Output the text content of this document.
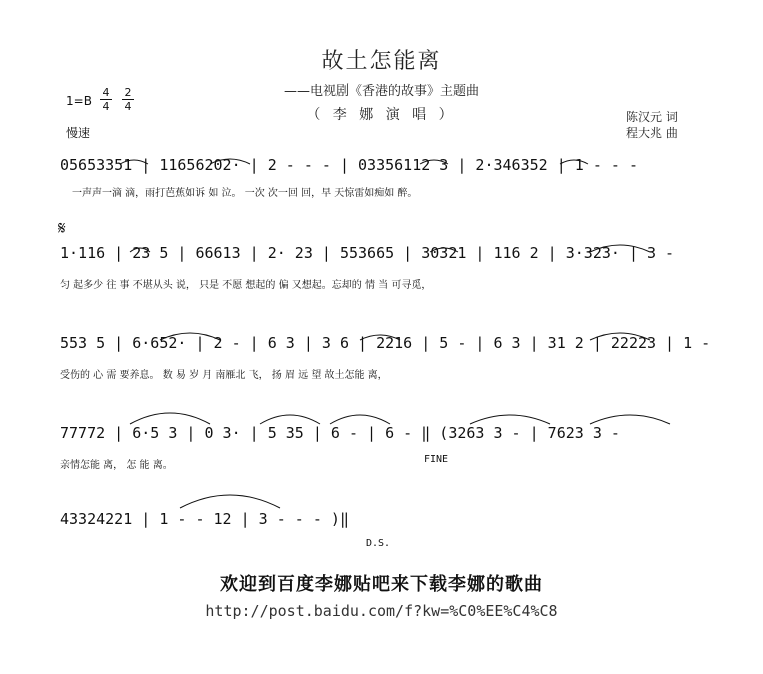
故土怎能离
——电视剧《香港的故事》主题曲
（ 李 娜 演 唱 ）
1=B
4
4
2
4
慢速
陈汉元 词
程大兆 曲
05653351 | 11656202· | 2 - - - | 03356112 3 | 2·346352 | 1 - - -
一声声一滴 滴，雨打芭蕉如诉 如 泣。 一次 次一回 回，早 天惊雷如痴如 醉。
𝄋
1·116 | 23 5 | 66613 | 2· 23 | 553665 | 30321 | 116 2 | 3·323· | 3 -
匀 起多少 往 事 不堪从头 说， 只是 不愿 想起的 偏 又想起。忘却的 情 当 可寻觅，
553 5 | 6·652· | 2 - | 6 3 | 3 6 | 2216 | 5 - | 6 3 | 31 2 | 22223 | 1 -
受伤的 心 需 要养息。 数 易 岁 月 南雁北 飞， 扬 眉 远 望 故土怎能 离，
77772 | 6·5 3 | 0 3· | 5 35 | 6 - | 6 - ‖ (3263 3 - | 7623 3 -
亲情怎能 离， 怎 能 离。
FINE
43324221 | 1 - - 12 | 3 - - - )‖
D.S.
欢迎到百度李娜贴吧来下载李娜的歌曲
http://post.baidu.com/f?kw=%C0%EE%C4%C8
